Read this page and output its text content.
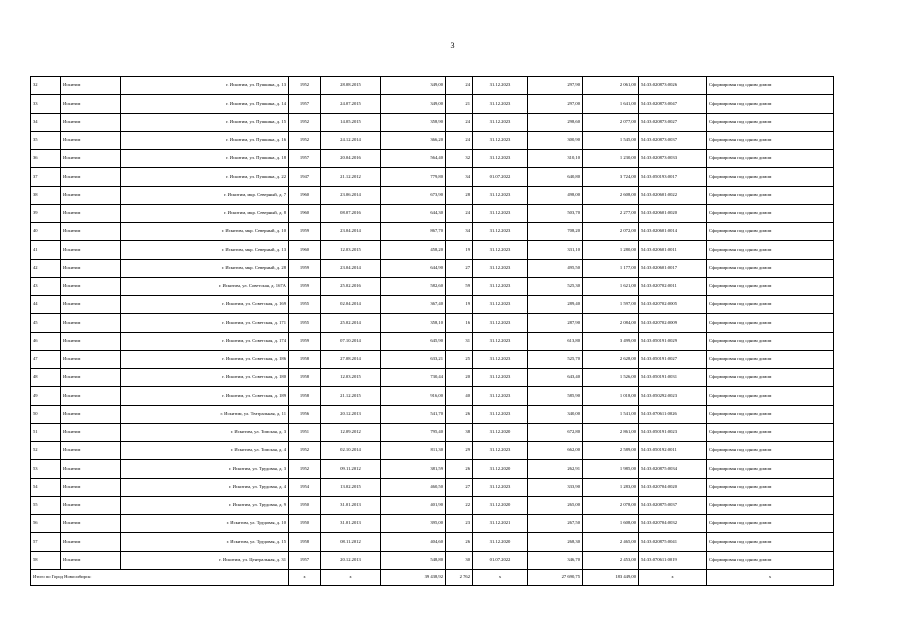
3
32	Искитим	г. Искитим, ул. Пушкина, д. 13	1952	28.08.2015	349,00	24	31.12.2023	297,90	2 061,00	54:33:020873:0026	Сформирован под одним домом
33	Искитим	г. Искитим, ул. Пушкина, д. 14	1957	24.07.2015	349,00	21	31.12.2023	297,00	1 641,00	54:33:020873:0047	Сформирован под одним домом
34	Искитим	г. Искитим, ул. Пушкина, д. 15	1952	14.05.2015	358,90	24	31.12.2023	298,60	2 077,00	54:33:020873:0027	Сформирован под одним домом
35	Искитим	г. Искитим, ул. Пушкина, д. 16	1952	24.12.2014	366,20	24	31.12.2023	300,90	1 545,00	54:33:020873:0037	Сформирован под одним домом
36	Искитим	г. Искитим, ул. Пушкина, д. 18	1957	20.04.2016	564,40	32	31.12.2023	310,10	1 230,00	54:33:020873:0033	Сформирован под одним домом
37	Искитим	г. Искитим, ул. Пушкина, д. 22	1947	21.12.2012	779,80	34	01.07.2022	640,80	3 724,00	54:33:050193:0017	Сформирован под одним домом
38	Искитим	г. Искитим, мкр. Северный, д. 7	1960	23.06.2014	673,90	28	31.12.2023	498,00	2 608,00	54:33:020601:0022	Сформирован под одним домом
39	Искитим	г. Искитим, мкр. Северный, д. 8	1960	08.07.2016	644,30	24	31.12.2023	503,70	2 277,00	54:33:020601:0020	Сформирован под одним домом
40	Искитим	г. Искитим, мкр. Северный, д. 10	1959	23.04.2014	867,70	34	31.12.2023	708,20	2 072,00	54:33:020601:0014	Сформирован под одним домом
41	Искитим	г. Искитим, мкр. Северный, д. 13	1960	12.03.2015	458,20	19	31.12.2023	331,10	1 280,00	54:33:020601:0011	Сформирован под одним домом
42	Искитим	г. Искитим, мкр. Северный, д. 28	1959	23.04.2014	644,90	27	31.12.2023	495,50	1 177,00	54:33:020601:0017	Сформирован под одним домом
43	Искитим	г. Искитим, ул. Советская, д. 167А	1959	25.02.2016	582,60	59	31.12.2023	525,30	1 621,00	54:33:020702:0011	Сформирован под одним домом
44	Искитим	г. Искитим, ул. Советская, д. 169	1955	02.04.2014	367,40	19	31.12.2023	289,40	1 597,00	54:33:020702:0005	Сформирован под одним домом
45	Искитим	г. Искитим, ул. Советская, д. 171	1955	25.02.2014	358,10	16	31.12.2023	287,90	2 084,00	54:33:020702:0009	Сформирован под одним домом
46	Искитим	г. Искитим, ул. Советская, д. 174	1959	07.10.2014	645,90	31	31.12.2023	613,80	3 499,00	54:33:050191:0029	Сформирован под одним домом
47	Искитим	г. Искитим, ул. Советская, д. 186	1958	27.08.2014	633,21	25	31.12.2023	525,70	2 628,00	54:33:050191:0027	Сформирован под одним домом
48	Искитим	г. Искитим, ул. Советская, д. 180	1958	12.03.2015	730,44	20	31.12.2023	643,40	1 526,00	54:33:050191:0031	Сформирован под одним домом
49	Искитим	г. Искитим, ул. Советская, д. 189	1958	21.12.2015	916,00	40	31.12.2023	585,90	1 018,00	54:33:050292:0023	Сформирован под одним домом
50	Искитим	г. Искитим, ул. Театральная, д. 11	1956	20.12.2013	541,70	26	31.12.2023	340,00	1 541,00	54:33:070611:0026	Сформирован под одним домом
51	Искитим	г. Искитим, ул. Томская, д. 3	1951	12.09.2012	795,40	38	31.12.2020	672,80	2 861,00	54:33:050191:0023	Сформирован под одним домом
52	Искитим	г. Искитим, ул. Томская, д. 4	1952	02.10.2014	811,30	29	31.12.2023	662,00	2 589,00	54:33:050192:0011	Сформирован под одним домом
53	Искитим	г. Искитим, ул. Трудовая, д. 3	1952	09.11.2012	381,59	26	31.12.2020	262,91	1 985,00	54:33:020875:0034	Сформирован под одним домом
54	Искитим	г. Искитим, ул. Трудовая, д. 4	1954	13.02.2015	460,50	27	31.12.2023	333,90	1 283,00	54:33:020704:0020	Сформирован под одним домом
55	Искитим	г. Искитим, ул. Трудовая, д. 9	1950	31.01.2013	401,90	22	31.12.2020	265,00	2 078,00	54:33:020875:0037	Сформирован под одним домом
56	Искитим	г. Искитим, ул. Трудовая, д. 10	1950	31.01.2013	395,00	23	31.12.2021	267,50	1 608,00	54:33:020704:0032	Сформирован под одним домом
57	Искитим	г. Искитим, ул. Трудовая, д. 15	1958	08.11.2012	404,60	26	31.12.2020	268,30	2 465,00	54:33:020875:0041	Сформирован под одним домом
58	Искитим	г. Искитим, ул. Центральная, д. 31	1957	20.12.2013	548,80	30	01.07.2022	346,70	2 453,00	54:33:070611:0019	Сформирован под одним домом
Итого по Город Новосибирск:			x	x	39 438,92	2 762	x	27 690,75	183 449,00	x	x
